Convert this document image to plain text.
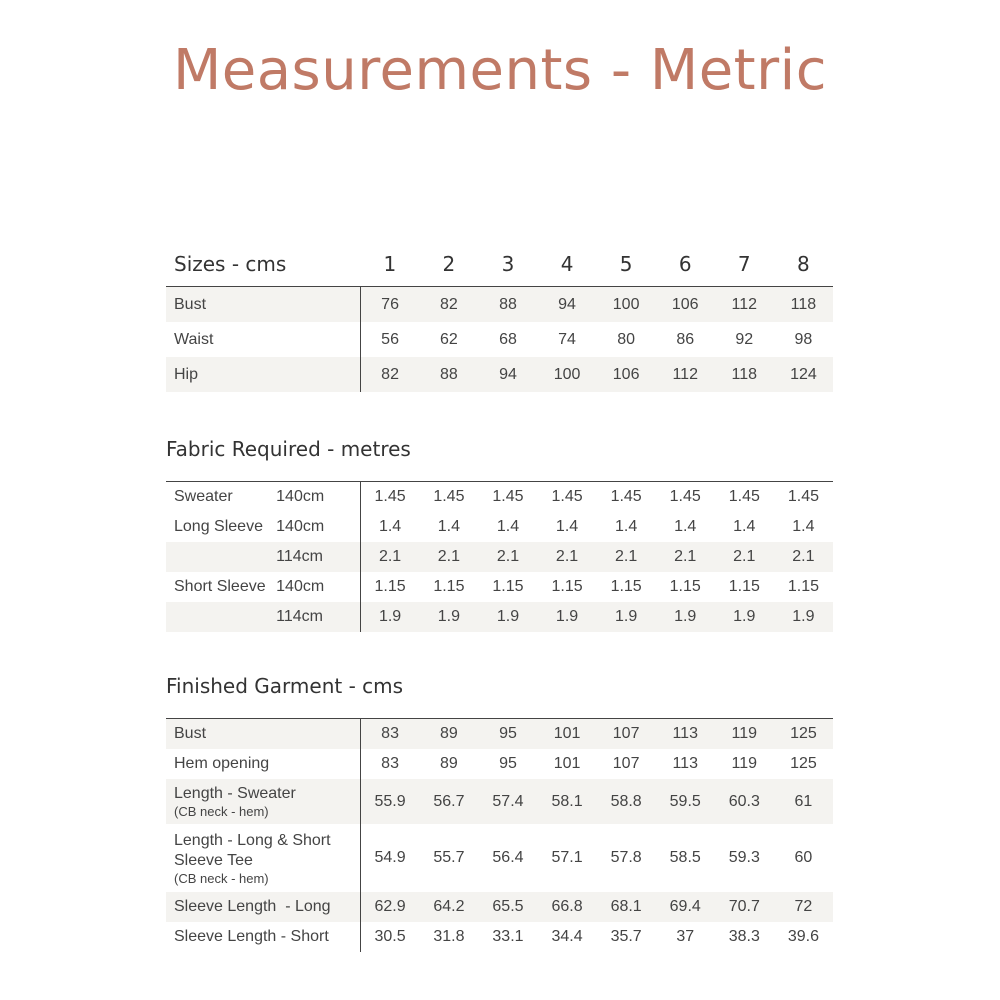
Measurements - Metric
Sizes - cms	1	2	3	4	5	6	7	8
Bust	76	82	88	94	100	106	112	118
Waist	56	62	68	74	80	86	92	98
Hip	82	88	94	100	106	112	118	124
Fabric Required - metres
Sweater	140cm	1.45	1.45	1.45	1.45	1.45	1.45	1.45	1.45
Long Sleeve	140cm	1.4	1.4	1.4	1.4	1.4	1.4	1.4	1.4
	114cm	2.1	2.1	2.1	2.1	2.1	2.1	2.1	2.1
Short Sleeve	140cm	1.15	1.15	1.15	1.15	1.15	1.15	1.15	1.15
	114cm	1.9	1.9	1.9	1.9	1.9	1.9	1.9	1.9
Finished Garment - cms
Bust	83	89	95	101	107	113	119	125
Hem opening	83	89	95	101	107	113	119	125

Length - Sweater
(CB neck - hem)	55.9	56.7	57.4	58.1	58.8	59.5	60.3	61

Length - Long & Short
Sleeve Tee
(CB neck - hem)	54.9	55.7	56.4	57.1	57.8	58.5	59.3	60
Sleeve Length  - Long	62.9	64.2	65.5	66.8	68.1	69.4	70.7	72
Sleeve Length - Short	30.5	31.8	33.1	34.4	35.7	37	38.3	39.6
